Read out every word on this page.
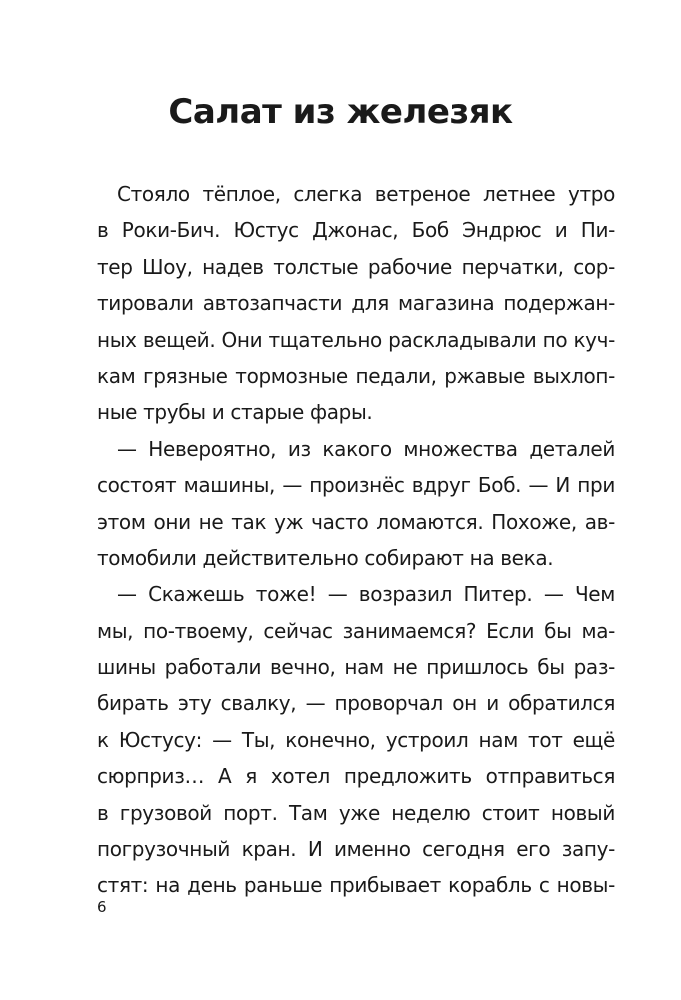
Салат из железяк
Стояло тёплое, слегка ветреное летнее утро
в Роки-Бич. Юстус Джонас, Боб Эндрюс и Пи-
тер Шоу, надев толстые рабочие перчатки, сор-
тировали автозапчасти для магазина подержан-
ных вещей. Они тщательно раскладывали по куч-
кам грязные тормозные педали, ржавые выхлоп-
ные трубы и старые фары.
— Невероятно, из какого множества деталей
состоят машины, — произнёс вдруг Боб. — И при
этом они не так уж часто ломаются. Похоже, ав-
томобили действительно собирают на века.
— Скажешь тоже! — возразил Питер. — Чем
мы, по-твоему, сейчас занимаемся? Если бы ма-
шины работали вечно, нам не пришлось бы раз-
бирать эту свалку, — проворчал он и обратился
к Юстусу: — Ты, конечно, устроил нам тот ещё
сюрприз… А я хотел предложить отправиться
в грузовой порт. Там уже неделю стоит новый
погрузочный кран. И именно сегодня его запу-
стят: на день раньше прибывает корабль с новы-
6
